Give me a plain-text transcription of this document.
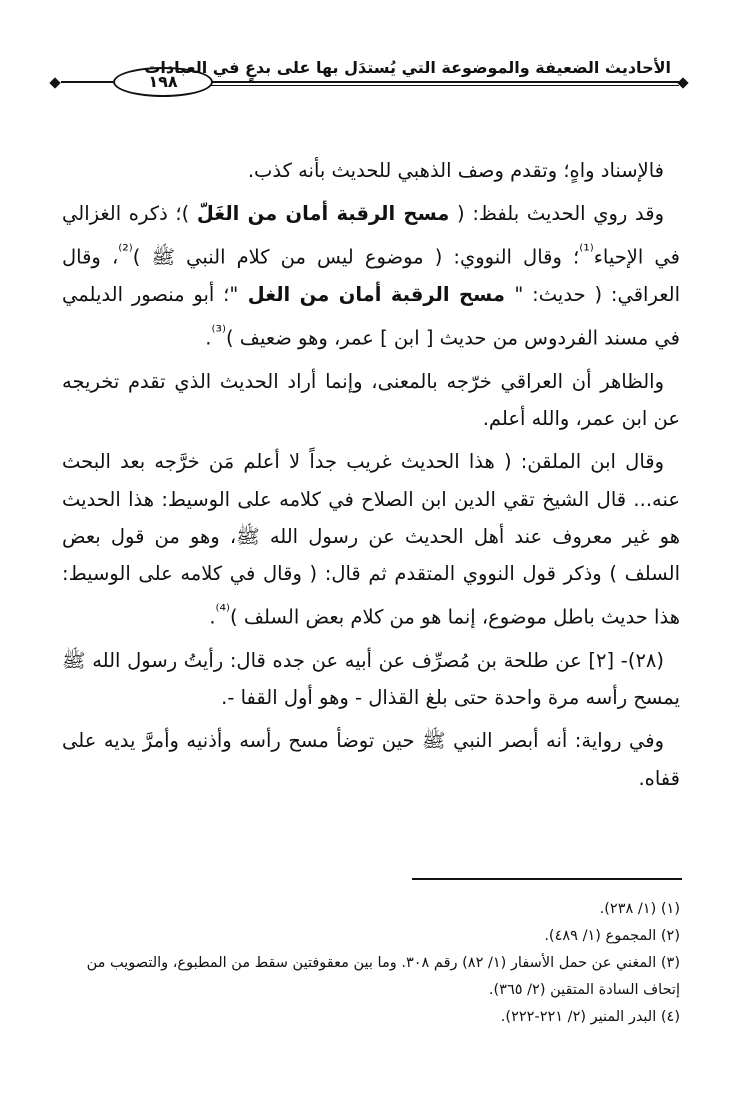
١٩٨
الأحاديث الضعيفة والموضوعة التي يُستدَل بها على بدعٍ في العبادات

فالإسناد واهٍ؛ وتقدم وصف الذهبي للحديث بأنه كذب.

وقد روي الحديث بلفظ: ( مسح الرقبة أمان من الغَلّ )؛ ذكره الغزالي في الإحياء$^{^{(1)}}$؛ وقال النووي: ( موضوع ليس من كلام النبي ﷺ )$^{^{(2)}}$، وقال العراقي: ( حديث: " مسح الرقبة أمان من الغل "؛ أبو منصور الديلمي في مسند الفردوس من حديث [ ابن ] عمر، وهو ضعيف )$^{^{(3)}}$.

والظاهر أن العراقي خرّجه بالمعنى، وإنما أراد الحديث الذي تقدم تخريجه عن ابن عمر، والله أعلم.

وقال ابن الملقن: ( هذا الحديث غريب جداً لا أعلم مَن خرَّجه بعد البحث عنه... قال الشيخ تقي الدين ابن الصلاح في كلامه على الوسيط: هذا الحديث هو غير معروف عند أهل الحديث عن رسول الله ﷺ، وهو من قول بعض السلف ) وذكر قول النووي المتقدم ثم قال: ( وقال في كلامه على الوسيط: هذا حديث باطل موضوع، إنما هو من كلام بعض السلف )$^{^{(4)}}$.

(٢٨)- [٢] عن طلحة بن مُصرِّف عن أبيه عن جده قال: رأيتُ رسول الله ﷺ يمسح رأسه مرة واحدة حتى بلغ القذال - وهو أول القفا -.

وفي رواية: أنه أبصر النبي ﷺ حين توضأ مسح رأسه وأذنيه وأمرَّ يديه على قفاه.

(١) (١/ ٢٣٨).

(٢) المجموع (١/ ٤٨٩).

(٣) المغني عن حمل الأسفار (١/ ٨٢) رقم ٣٠٨. وما بين معقوفتين سقط من المطبوع، والتصويب من إتحاف السادة المتقين (٢/ ٣٦٥).

(٤) البدر المنير (٢/ ٢٢١-٢٢٢).
